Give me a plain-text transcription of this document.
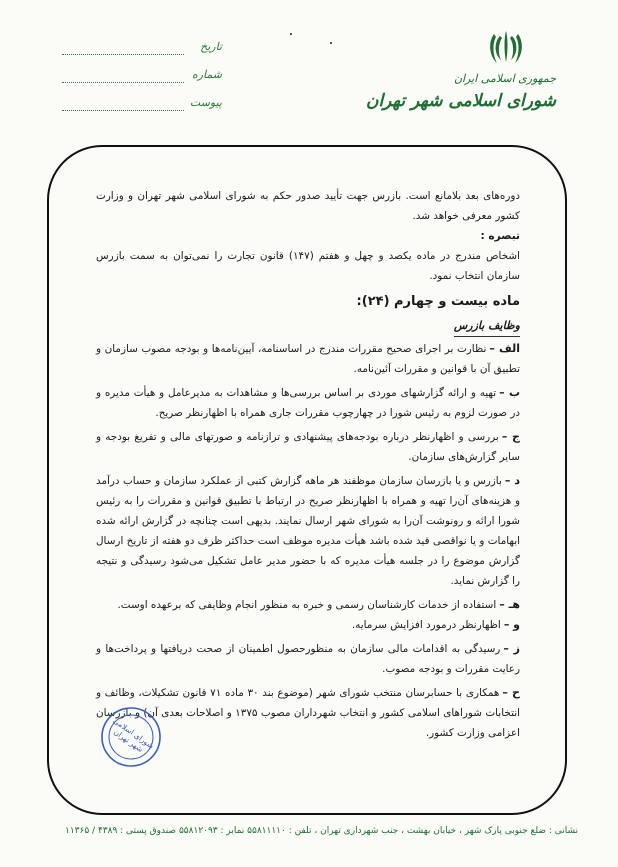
جمهوری اسلامی ایران
شورای اسلامی شهر تهران
تاریخ
شماره
پیوست

دوره‌های بعد بلامانع است. بازرس جهت تأیید صدور حکم به شورای اسلامی شهر تهران و وزارت کشور معرفی خواهد شد.

تبصره :

اشخاص مندرج در ماده یکصد و چهل و هفتم (۱۴۷) قانون تجارت را نمی‌توان به سمت بازرس سازمان انتخاب نمود.

ماده بیست و چهارم (۲۴):

وظایف بازرس

الف –نظارت بر اجرای صحیح مقررات مندرج در اساسنامه، آیین‌نامه‌ها و بودجه مصوب سازمان و تطبیق آن با قوانین و مقررات آئین‌نامه.

ب –تهیه و ارائه گزارشهای موردی بر اساس بررسی‌ها و مشاهدات به مدیرعامل و هیأت مدیره و در صورت لزوم به رئیس شورا در چهارچوب مقررات جاری همراه با اظهارنظر صریح.

ج –بررسی و اظهارنظر درباره بودجه‌های پیشنهادی و ترازنامه و صورتهای مالی و تفریغ بودجه و سایر گزارش‌های سازمان.

د –بازرس و یا بازرسان سازمان موظفند هر ماهه گزارش کتبی از عملکرد سازمان و حساب درآمد و هزینه‌های آن‌را تهیه و همراه با اظهارنظر صریح در ارتباط با تطبیق قوانین و مقررات را به رئیس شورا ارائه و رونوشت آن‌را به شورای شهر ارسال نمایند. بدیهی است چنانچه در گزارش ارائه شده ابهامات و یا نواقصی قید شده باشد هیأت مدیره موظف است حداکثر ظرف دو هفته از تاریخ ارسال گزارش موضوع را در جلسه هیأت مدیره که با حضور مدیر عامل تشکیل می‌شود رسیدگی و نتیجه را گزارش نماید.

هـ –استفاده از خدمات کارشناسان رسمی و خبره به منظور انجام وظایفی که برعهده اوست.

و –اظهارنظر درمورد افزایش سرمایه.

ز –رسیدگی به اقدامات مالی سازمان به منظورحصول اطمینان از صحت دریافتها و پرداخت‌ها و رعایت مقررات و بودجه مصوب.

ح –همکاری با حسابرسان منتخب شورای شهر (موضوع بند ۳۰ ماده ۷۱ قانون تشکیلات، وظائف و انتخابات شوراهای اسلامی کشور و انتخاب شهرداران مصوب ۱۳۷۵ و اصلاحات بعدی آن) و بازرسان اعزامی وزارت کشور.

شورای اسلامی شهر تهران
نشانی : ضلع جنوبی پارک شهر ، خیابان بهشت ، جنب شهرداری تهران ، تلفن : ۵۵۸۱۱۱۱۰ نمابر : ۵۵۸۱۲۰۹۳ صندوق پستی : ۴۳۸۹ / ۱۱۳۶۵
